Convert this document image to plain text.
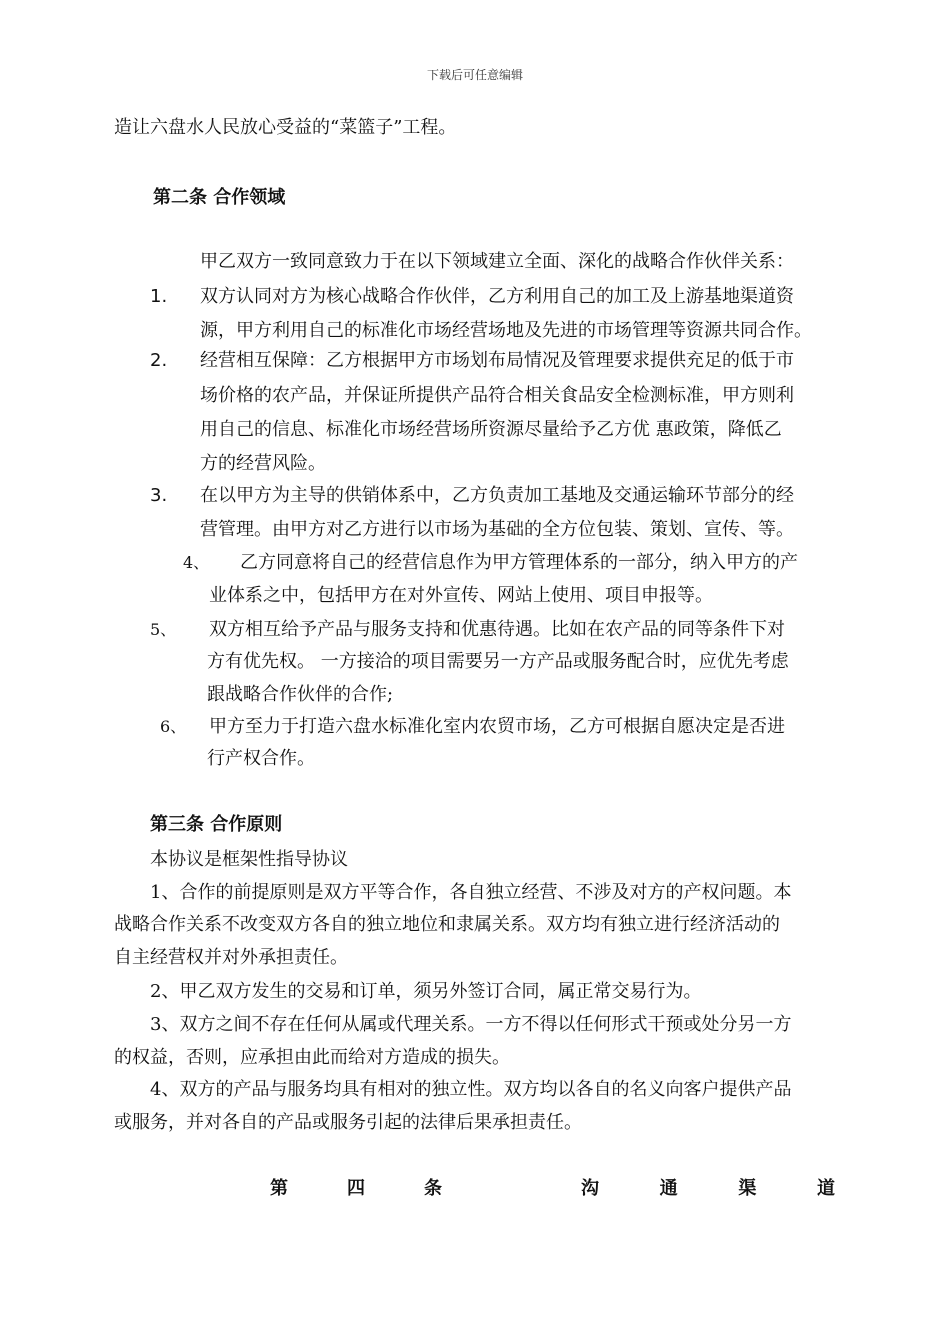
下载后可任意编辑
造让六盘水人民放心受益的“菜篮子”工程。
第二条 合作领域
甲乙双方一致同意致力于在以下领域建立全面、深化的战略合作伙伴关系：
1. 双方认同对方为核心战略合作伙伴，乙方利用自己的加工及上游基地渠道资
源，甲方利用自己的标准化市场经营场地及先进的市场管理等资源共同合作。
2. 经营相互保障：乙方根据甲方市场划布局情况及管理要求提供充足的低于市
场价格的农产品，并保证所提供产品符合相关食品安全检测标准，甲方则利
用自己的信息、标准化市场经营场所资源尽量给予乙方优 惠政策，降低乙
方的经营风险。
3. 在以甲方为主导的供销体系中，乙方负责加工基地及交通运输环节部分的经
营管理。由甲方对乙方进行以市场为基础的全方位包装、策划、宣传、等。
4、 乙方同意将自己的经营信息作为甲方管理体系的一部分，纳入甲方的产
业体系之中，包括甲方在对外宣传、网站上使用、项目申报等。
5、 双方相互给予产品与服务支持和优惠待遇。比如在农产品的同等条件下对
方有优先权。 一方接洽的项目需要另一方产品或服务配合时，应优先考虑
跟战略合作伙伴的合作;
6、 甲方至力于打造六盘水标准化室内农贸市场，乙方可根据自愿决定是否进
行产权合作。
第三条 合作原则
本协议是框架性指导协议
1、合作的前提原则是双方平等合作，各自独立经营、不涉及对方的产权问题。本
战略合作关系不改变双方各自的独立地位和隶属关系。双方均有独立进行经济活动的
自主经营权并对外承担责任。
2、甲乙双方发生的交易和订单，须另外签订合同，属正常交易行为。
3、双方之间不存在任何从属或代理关系。一方不得以任何形式干预或处分另一方
的权益，否则，应承担由此而给对方造成的损失。
4、双方的产品与服务均具有相对的独立性。双方均以各自的名义向客户提供产品
或服务，并对各自的产品或服务引起的法律后果承担责任。
第	四	条	沟	通	渠	道
